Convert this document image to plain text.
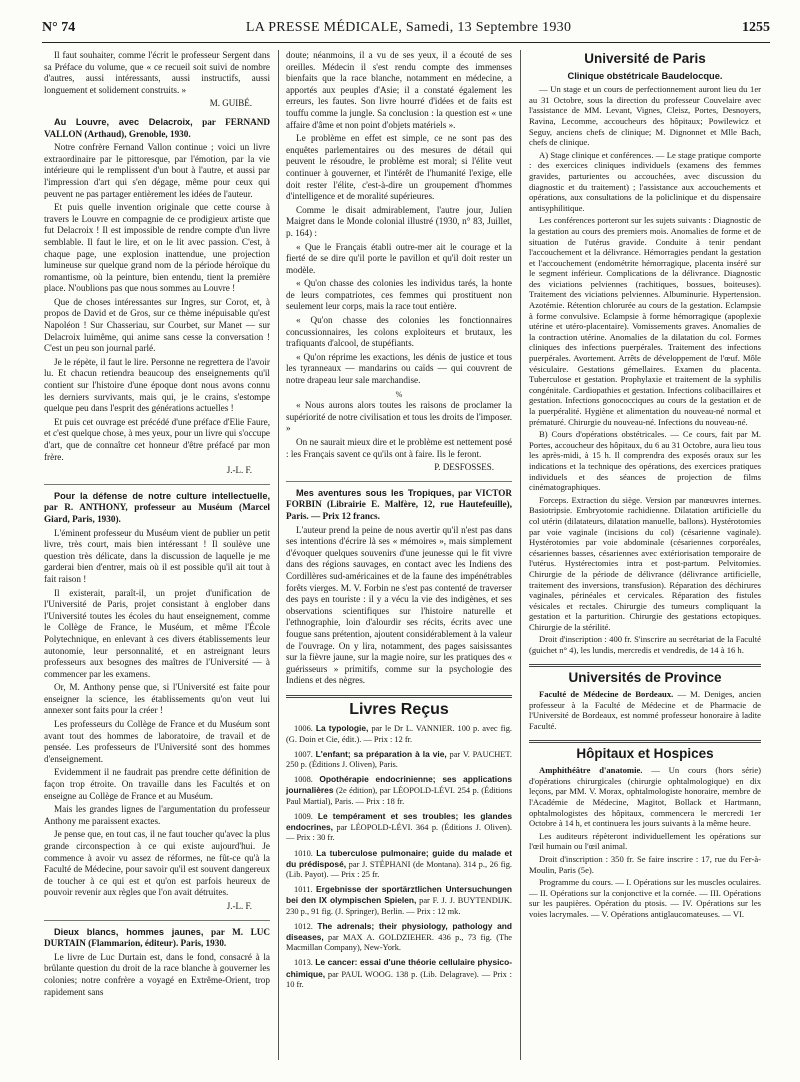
N° 74	LA PRESSE MÉDICALE, Samedi, 13 Septembre 1930	1255

Il faut souhaiter, comme l'écrit le professeur Sergent dans sa Préface du volume, que « ce recueil soit suivi de nombre d'autres, aussi intéressants, aussi instructifs, aussi longuement et solidement construits. »

M. GUIBÉ.

Au Louvre, avec Delacroix, par FERNAND VALLON (Arthaud), Grenoble, 1930.

Notre confrère Fernand Vallon continue ; voici un livre extraordinaire par le pittoresque, par l'émotion, par la vie intérieure qui le remplissent d'un bout à l'autre, et aussi par l'impression d'art qui s'en dégage, même pour ceux qui peuvent ne pas partager entièrement les idées de l'auteur.

Et puis quelle invention originale que cette course à travers le Louvre en compagnie de ce prodigieux artiste que fut Delacroix ! Il est impossible de rendre compte d'un livre semblable. Il faut le lire, et on le lit avec passion. C'est, à chaque page, une explosion inattendue, une projection lumineuse sur quelque grand nom de la période héroïque du romantisme, où la peinture, bien entendu, tient la première place. N'oublions pas que nous sommes au Louvre !

Que de choses intéressantes sur Ingres, sur Corot, et, à propos de David et de Gros, sur ce thème inépuisable qu'est Napoléon ! Sur Chasseriau, sur Courbet, sur Manet — sur Delacroix luimême, qui anime sans cesse la conversation ! C'est un peu son journal parlé.

Je le répète, il faut le lire. Personne ne regrettera de l'avoir lu. Et chacun retiendra beaucoup des enseignements qu'il contient sur l'histoire d'une époque dont nous avons connu les derniers survivants, mais qui, je le crains, s'estompe quelque peu dans l'esprit des générations actuelles !

Et puis cet ouvrage est précédé d'une préface d'Elie Faure, et c'est quelque chose, à mes yeux, pour un livre qui s'occupe d'art, que de connaître cet honneur d'être préfacé par mon frère.

J.-L. F.

Pour la défense de notre culture intellectuelle, par R. ANTHONY, professeur au Muséum (Marcel Giard, Paris, 1930).

L'éminent professeur du Muséum vient de publier un petit livre, très court, mais bien intéressant ! Il soulève une question très délicate, dans la discussion de laquelle je me garderai bien d'entrer, mais où il est possible qu'il ait tout à fait raison !

Il existerait, paraît-il, un projet d'unification de l'Université de Paris, projet consistant à englober dans l'Université toutes les écoles du haut enseignement, comme le Collège de France, le Muséum, et même l'École Polytechnique, en enlevant à ces divers établissements leur autonomie, leur personnalité, et en astreignant leurs professeurs aux besognes des maîtres de l'Université — à commencer par les examens.

Or, M. Anthony pense que, si l'Université est faite pour enseigner la science, les établissements qu'on veut lui annexer sont faits pour la créer !

Les professeurs du Collège de France et du Muséum sont avant tout des hommes de laboratoire, de travail et de pensée. Les professeurs de l'Université sont des hommes d'enseignement.

Evidemment il ne faudrait pas prendre cette définition de façon trop étroite. On travaille dans les Facultés et on enseigne au Collège de France et au Muséum.

Mais les grandes lignes de l'argumentation du professeur Anthony me paraissent exactes.

Je pense que, en tout cas, il ne faut toucher qu'avec la plus grande circonspection à ce qui existe aujourd'hui. Je commence à avoir vu assez de réformes, ne fût-ce qu'à la Faculté de Médecine, pour savoir qu'il est souvent dangereux de toucher à ce qui est et qu'on est parfois heureux de pouvoir revenir aux règles que l'on avait détruites.

J.-L. F.

Dieux blancs, hommes jaunes, par M. LUC DURTAIN (Flammarion, éditeur). Paris, 1930.

Le livre de Luc Durtain est, dans le fond, consacré à la brûlante question du droit de la race blanche à gouverner les colonies; notre confrère a voyagé en Extrême-Orient, trop rapidement sans

doute; néanmoins, il a vu de ses yeux, il a écouté de ses oreilles. Médecin il s'est rendu compte des immenses bienfaits que la race blanche, notamment en médecine, a apportés aux peuples d'Asie; il a constaté également les erreurs, les fautes. Son livre hourré d'idées et de faits est touffu comme la jungle. Sa conclusion : la question est « une affaire d'âme et non point d'objets matériels ».

Le problème en effet est simple, ce ne sont pas des enquêtes parlementaires ou des mesures de détail qui peuvent le résoudre, le problème est moral; si l'élite veut continuer à gouverner, et l'intérêt de l'humanité l'exige, elle doit rester l'élite, c'est-à-dire un groupement d'hommes d'intelligence et de moralité supérieures.

Comme le disait admirablement, l'autre jour, Julien Maigret dans le Monde colonial illustré (1930, n° 83, Juillet, p. 164) :

« Que le Français établi outre-mer ait le courage et la fierté de se dire qu'il porte le pavillon et qu'il doit rester un modèle.

« Qu'on chasse des colonies les individus tarés, la honte de leurs compatriotes, ces femmes qui prostituent non seulement leur corps, mais la race tout entière.

« Qu'on chasse des colonies les fonctionnaires concussionnaires, les colons exploiteurs et brutaux, les trafiquants d'alcool, de stupéfiants.

« Qu'on réprime les exactions, les dénis de justice et tous les tyranneaux — mandarins ou caïds — qui couvrent de notre drapeau leur sale marchandise.

%

« Nous aurons alors toutes les raisons de proclamer la supériorité de notre civilisation et tous les droits de l'imposer. »

On ne saurait mieux dire et le problème est nettement posé : les Français savent ce qu'ils ont à faire. Ils le feront.

P. DESFOSSES.

Mes aventures sous les Tropiques, par VICTOR FORBIN (Librairie E. Malfère, 12, rue Hautefeuille), Paris. — Prix 12 francs.

L'auteur prend la peine de nous avertir qu'il n'est pas dans ses intentions d'écrire là ses « mémoires », mais simplement d'évoquer quelques souvenirs d'une jeunesse qui le fit vivre dans des régions sauvages, en contact avec les Indiens des Cordillères sud-américaines et de la faune des impénétrables forêts vierges. M. V. Forbin ne s'est pas contenté de traverser des pays en touriste : il y a vécu la vie des indigènes, et ses observations scientifiques sur l'histoire naturelle et l'ethnographie, loin d'alourdir ses récits, écrits avec une fougue sans prétention, ajoutent considérablement à la valeur de l'ouvrage. On y lira, notamment, des pages saisissantes sur la fièvre jaune, sur la magie noire, sur les pratiques des « guérisseurs » primitifs, comme sur la psychologie des Indiens et des nègres.

Livres Reçus
1006. La typologie, par le Dr L. VANNIER. 100 p. avec fig. (G. Doin et Cie, édit.). — Prix : 12 fr.
1007. L'enfant; sa préparation à la vie, par V. PAUCHET. 250 p. (Éditions J. Oliven), Paris.
1008. Opothérapie endocrinienne; ses applications journalières (2e édition), par LÉOPOLD-LÉVI. 254 p. (Éditions Paul Martial), Paris. — Prix : 18 fr.
1009. Le tempérament et ses troubles; les glandes endocrines, par LÉOPOLD-LÉVI. 364 p. (Éditions J. Oliven). — Prix : 30 fr.
1010. La tuberculose pulmonaire; guide du malade et du prédisposé, par J. STÉPHANI (de Montana). 314 p., 26 fig. (Lib. Payot). — Prix : 25 fr.
1011. Ergebnisse der sportärztlichen Untersuchungen bei den IX olympischen Spielen, par F. J. J. BUYTENDIJK. 230 p., 91 fig. (J. Springer), Berlin. — Prix : 12 mk.
1012. The adrenals; their physiology, pathology and diseases, par MAX A. GOLDZIEHER. 436 p., 73 fig. (The Macmillan Company), New-York.
1013. Le cancer: essai d'une théorie cellulaire physico-chimique, par PAUL WOOG. 138 p. (Lib. Delagrave). — Prix : 10 fr.
Université de Paris
Clinique obstétricale Baudelocque.

— Un stage et un cours de perfectionnement auront lieu du 1er au 31 Octobre, sous la direction du professeur Couvelaire avec l'assistance de MM. Levant, Vignes, Cleisz, Portes, Desnoyers, Ravina, Lecomme, accoucheurs des hôpitaux; Powilewicz et Seguy, anciens chefs de clinique; M. Dignonnet et Mlle Bach, chefs de clinique.

A) Stage clinique et conférences. — Le stage pratique comporte : des exercices cliniques individuels (examens des femmes gravides, parturientes ou accouchées, avec discussion du diagnostic et du traitement) ; l'assistance aux accouchements et opérations, aux consultations de la policlinique et du dispensaire antisyphilitique.

Les conférences porteront sur les sujets suivants : Diagnostic de la gestation au cours des premiers mois. Anomalies de forme et de situation de l'utérus gravide. Conduite à tenir pendant l'accouchement et la délivrance. Hémorragies pendant la gestation et l'accouchement (endométrite hémorragique, placenta inséré sur le segment inférieur. Complications de la délivrance. Diagnostic des viciations pelviennes (rachitiques, bossues, boiteuses). Traitement des viciations pelviennes. Albuminurie. Hypertension. Azotémie. Rétention chlorurée au cours de la gestation. Eclampsie à forme convulsive. Eclampsie à forme hémorragique (apoplexie utérine et utéro-placentaire). Vomissements graves. Anomalies de la contraction utérine. Anomalies de la dilatation du col. Formes cliniques des infections puerpérales. Traitement des infections puerpérales. Avortement. Arrêts de développement de l'œuf. Môle vésiculaire. Gestations gémellaires. Examen du placenta. Tuberculose et gestation. Prophylaxie et traitement de la syphilis congénitale. Cardiopathies et gestation. Infections colibacillaires et gestation. Infections gonococciques au cours de la gestation et de la puerpéralité. Hygiène et alimentation du nouveau-né normal et prématuré. Chirurgie du nouveau-né. Infections du nouveau-né.

B) Cours d'opérations obstétricales. — Ce cours, fait par M. Portes, accoucheur des hôpitaux, du 6 au 31 Octobre, aura lieu tous les après-midi, à 15 h. Il comprendra des exposés oraux sur les indications et la technique des opérations, des exercices pratiques individuels et des séances de projection de films cinématographiques.

Forceps. Extraction du siège. Version par manœuvres internes. Basiotripsie. Embryotomie rachidienne. Dilatation artificielle du col utérin (dilatateurs, dilatation manuelle, ballons). Hystérotomies par voie vaginale (incisions du col) (césarienne vaginale). Hystérotomies par voie abdominale (césariennes corporéales, césariennes basses, césariennes avec extériorisation temporaire de l'utérus. Hystérectomies intra et post-partum. Pelvitomies. Chirurgie de la période de délivrance (délivrance artificielle, traitement des inversions, transfusion). Réparation des déchirures vaginales, périnéales et cervicales. Réparation des fistules vésicales et rectales. Chirurgie des tumeurs compliquant la gestation et la parturition. Chirurgie des gestations ectopiques. Chirurgie de la stérilité.

Droit d'inscription : 400 fr. S'inscrire au secrétariat de la Faculté (guichet n° 4), les lundis, mercredis et vendredis, de 14 à 16 h.

Universités de Province

Faculté de Médecine de Bordeaux. — M. Deniges, ancien professeur à la Faculté de Médecine et de Pharmacie de l'Université de Bordeaux, est nommé professeur honoraire à ladite Faculté.

Hôpitaux et Hospices

Amphithéâtre d'anatomie. — Un cours (hors série) d'opérations chirurgicales (chirurgie ophtalmologique) en dix leçons, par MM. V. Morax, ophtalmologiste honoraire, membre de l'Académie de Médecine, Magitot, Bollack et Hartmann, ophtalmologistes des hôpitaux, commencera le mercredi 1er Octobre à 14 h, et continuera les jours suivants à la même heure.

Les auditeurs répèteront individuellement les opérations sur l'œil humain ou l'œil animal.

Droit d'inscription : 350 fr. Se faire inscrire : 17, rue du Fer-à-Moulin, Paris (5e).

Programme du cours. — I. Opérations sur les muscles oculaires. — II. Opérations sur la conjonctive et la cornée. — III. Opérations sur les paupières. Opération du ptosis. — IV. Opérations sur les voies lacrymales. — V. Opérations antiglaucomateuses. — VI.
